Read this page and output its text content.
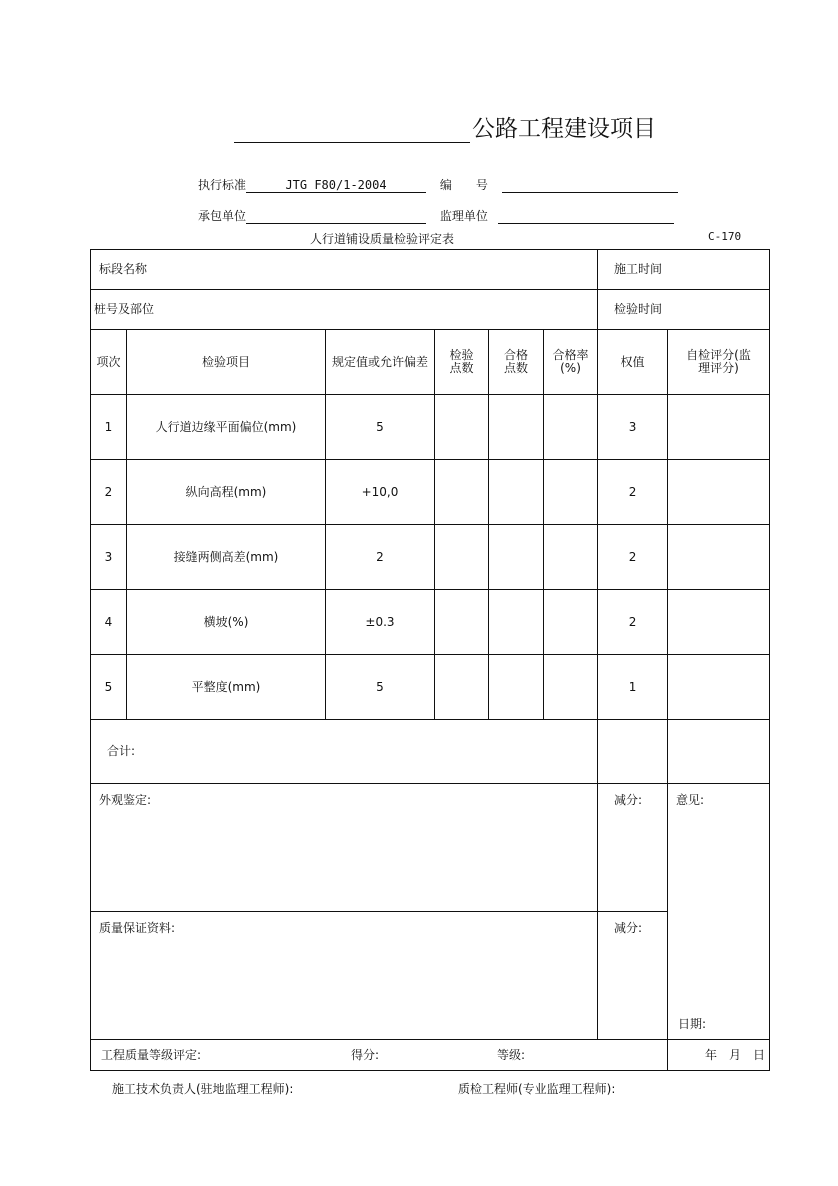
公路工程建设项目
执行标准	JTG F80/1-2004	编　　号
承包单位	监理单位
人行道铺设质量检验评定表	C-170
标段名称						施工时间	
桩号及部位						检验时间	
项次	检验项目	规定值或允许偏差	检验点数	合格点数	合格率(%)	权值	自检评分(监理评分)
1	人行道边缘平面偏位(mm)	5				3	
2	纵向高程(mm)	+10,0				2	
3	接缝两侧高差(mm)	2				2	
4	横坡(%)	±0.3				2	
5	平整度(mm)	5				1	
合计:							
外观鉴定:						减分:	意见:
日期:

质量保证资料:						减分:	
工程质量等级评定: 得分: 等级:							年　月　日
施工技术负责人(驻地监理工程师):	质检工程师(专业监理工程师):
